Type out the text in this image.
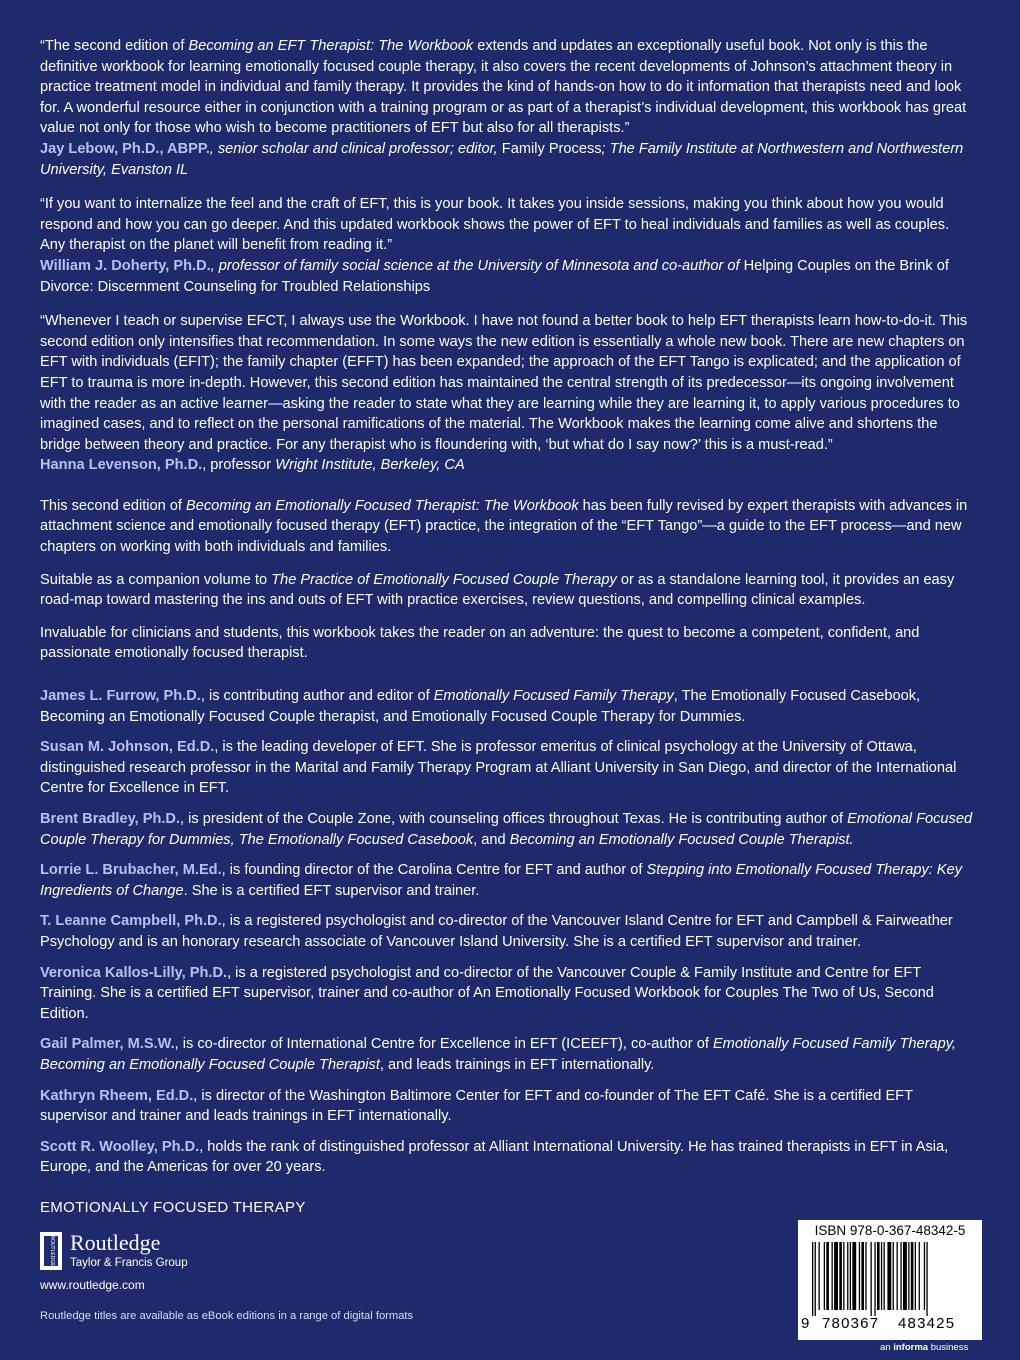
“The second edition of Becoming an EFT Therapist: The Workbook extends and updates an exceptionally useful book. Not only is this the definitive workbook for learning emotionally focused couple therapy, it also covers the recent developments of Johnson’s attachment theory in practice treatment model in individual and family therapy. It provides the kind of hands-on how to do it information that therapists need and look for. A wonderful resource either in conjunction with a training program or as part of a therapist’s individual development, this workbook has great value not only for those who wish to become practitioners of EFT but also for all therapists.”

Jay Lebow, Ph.D., ABPP., senior scholar and clinical professor; editor, Family Process; The Family Institute at Northwestern and Northwestern University, Evanston IL

“If you want to internalize the feel and the craft of EFT, this is your book. It takes you inside sessions, making you think about how you would respond and how you can go deeper. And this updated workbook shows the power of EFT to heal individuals and families as well as couples. Any therapist on the planet will benefit from reading it.”

William J. Doherty, Ph.D., professor of family social science at the University of Minnesota and co-author of Helping Couples on the Brink of Divorce: Discernment Counseling for Troubled Relationships

“Whenever I teach or supervise EFCT, I always use the Workbook. I have not found a better book to help EFT therapists learn how-to-do-it. This second edition only intensifies that recommendation. In some ways the new edition is essentially a whole new book. There are new chapters on EFT with individuals (EFIT); the family chapter (EFFT) has been expanded; the approach of the EFT Tango is explicated; and the application of EFT to trauma is more in-depth. However, this second edition has maintained the central strength of its predecessor—its ongoing involvement with the reader as an active learner—asking the reader to state what they are learning while they are learning it, to apply various procedures to imagined cases, and to reflect on the personal ramifications of the material. The Workbook makes the learning come alive and shortens the bridge between theory and practice. For any therapist who is floundering with, ‘but what do I say now?’ this is a must-read.”

Hanna Levenson, Ph.D., professor Wright Institute, Berkeley, CA

This second edition of Becoming an Emotionally Focused Therapist: The Workbook has been fully revised by expert therapists with advances in attachment science and emotionally focused therapy (EFT) practice, the integration of the “EFT Tango”—a guide to the EFT process—and new chapters on working with both individuals and families.

Suitable as a companion volume to The Practice of Emotionally Focused Couple Therapy or as a standalone learning tool, it provides an easy road-map toward mastering the ins and outs of EFT with practice exercises, review questions, and compelling clinical examples.

Invaluable for clinicians and students, this workbook takes the reader on an adventure: the quest to become a competent, confident, and passionate emotionally focused therapist.

James L. Furrow, Ph.D., is contributing author and editor of Emotionally Focused Family Therapy, The Emotionally Focused Casebook, Becoming an Emotionally Focused Couple therapist, and Emotionally Focused Couple Therapy for Dummies.

Susan M. Johnson, Ed.D., is the leading developer of EFT. She is professor emeritus of clinical psychology at the University of Ottawa, distinguished research professor in the Marital and Family Therapy Program at Alliant University in San Diego, and director of the International Centre for Excellence in EFT.

Brent Bradley, Ph.D., is president of the Couple Zone, with counseling offices throughout Texas. He is contributing author of Emotional Focused Couple Therapy for Dummies, The Emotionally Focused Casebook, and Becoming an Emotionally Focused Couple Therapist.

Lorrie L. Brubacher, M.Ed., is founding director of the Carolina Centre for EFT and author of Stepping into Emotionally Focused Therapy: Key Ingredients of Change. She is a certified EFT supervisor and trainer.

T. Leanne Campbell, Ph.D., is a registered psychologist and co-director of the Vancouver Island Centre for EFT and Campbell & Fairweather Psychology and is an honorary research associate of Vancouver Island University. She is a certified EFT supervisor and trainer.

Veronica Kallos-Lilly, Ph.D., is a registered psychologist and co-director of the Vancouver Couple & Family Institute and Centre for EFT Training. She is a certified EFT supervisor, trainer and co-author of An Emotionally Focused Workbook for Couples The Two of Us, Second Edition.

Gail Palmer, M.S.W., is co-director of International Centre for Excellence in EFT (ICEEFT), co-author of Emotionally Focused Family Therapy, Becoming an Emotionally Focused Couple Therapist, and leads trainings in EFT internationally.

Kathryn Rheem, Ed.D., is director of the Washington Baltimore Center for EFT and co-founder of The EFT Café. She is a certified EFT supervisor and trainer and leads trainings in EFT internationally.

Scott R. Woolley, Ph.D., holds the rank of distinguished professor at Alliant International University. He has trained therapists in EFT in Asia, Europe, and the Americas for over 20 years.

EMOTIONALLY FOCUSED THERAPY
ROUTLEDGE Routledge
Taylor & Francis Group
www.routledge.com
Routledge titles are available as eBook editions in a range of digital formats
ISBN 978-0-367-48342-5
9 780367 483425
an informa business
